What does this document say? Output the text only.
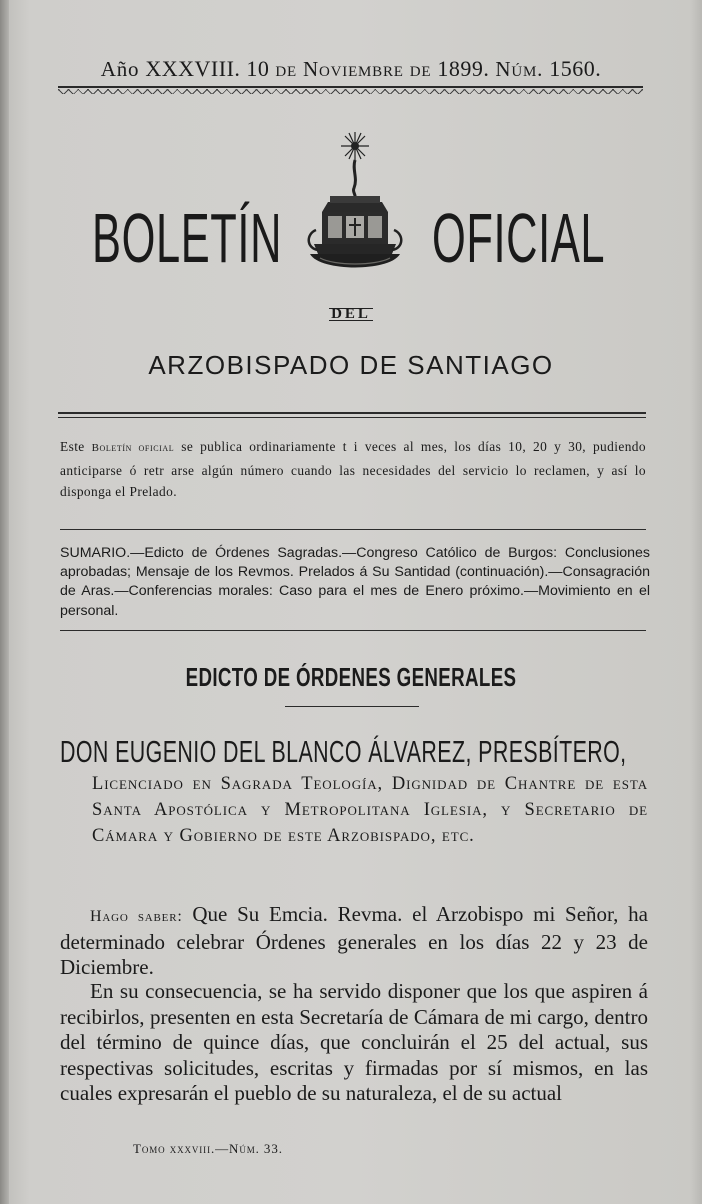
Año XXXVIII. 10 de Noviembre de 1899. Núm. 1560.
BOLETÍN OFICIAL
DEL
ARZOBISPADO DE SANTIAGO
Este Boletín oficial se publica ordinariamente t i veces al mes, los días 10, 20 y 30, pudiendo anticiparse ó retr arse algún número cuando las necesidades del servicio lo reclamen, y así lo disponga el Prelado.
SUMARIO.—Edicto de Órdenes Sagradas.—Congreso Católico de Burgos: Conclusiones aprobadas; Mensaje de los Revmos. Prelados á Su Santidad (continuación).—Consagración de Aras.—Conferencias morales: Caso para el mes de Enero próximo.—Movimiento en el personal.
EDICTO DE ÓRDENES GENERALES
DON EUGENIO DEL BLANCO ÁLVAREZ, PRESBÍTERO,
Licenciado en Sagrada Teología, Dignidad de Chantre de esta Santa Apostólica y Metropolitana Iglesia, y Secretario de Cámara y Gobierno de este Arzobispado, etc.
Hago saber: Que Su Emcia. Revma. el Arzobispo mi Señor, ha determinado celebrar Órdenes generales en los días 22 y 23 de Diciembre.
En su consecuencia, se ha servido disponer que los que aspiren á recibirlos, presenten en esta Secretaría de Cámara de mi cargo, dentro del término de quince días, que concluirán el 25 del actual, sus respectivas solicitudes, escritas y firmadas por sí mismos, en las cuales expresarán el pueblo de su naturaleza, el de su actual
Tomo xxxviii.—Núm. 33.
